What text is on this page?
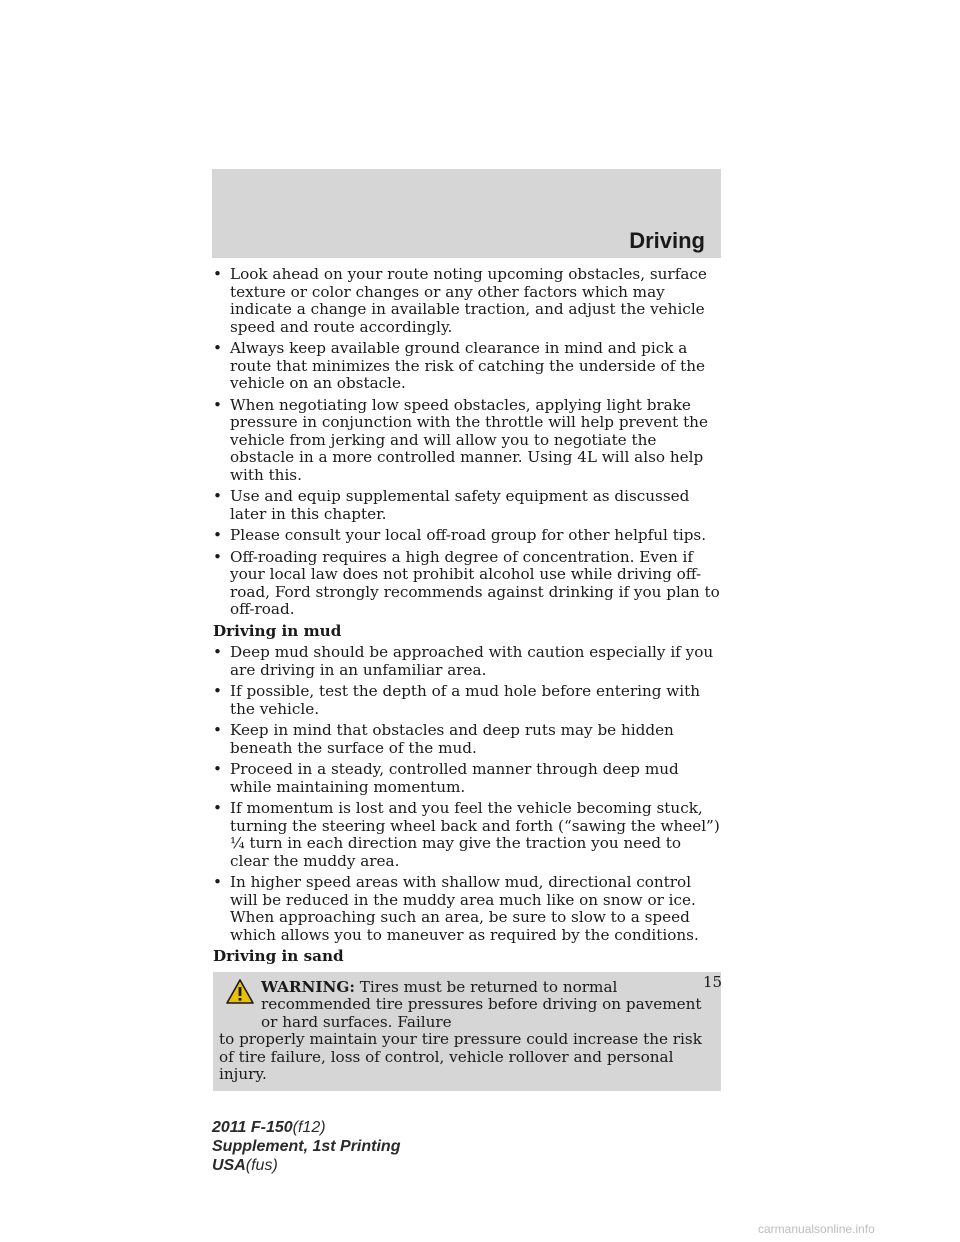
Driving
• Look ahead on your route noting upcoming obstacles, surface texture or color changes or any other factors which may indicate a change in available traction, and adjust the vehicle speed and route accordingly.
• Always keep available ground clearance in mind and pick a route that minimizes the risk of catching the underside of the vehicle on an obstacle.
• When negotiating low speed obstacles, applying light brake pressure in conjunction with the throttle will help prevent the vehicle from jerking and will allow you to negotiate the obstacle in a more controlled manner. Using 4L will also help with this.
• Use and equip supplemental safety equipment as discussed later in this chapter.
• Please consult your local off-road group for other helpful tips.
• Off-roading requires a high degree of concentration. Even if your local law does not prohibit alcohol use while driving off-road, Ford strongly recommends against drinking if you plan to off-road.
Driving in mud
• Deep mud should be approached with caution especially if you are driving in an unfamiliar area.
• If possible, test the depth of a mud hole before entering with the vehicle.
• Keep in mind that obstacles and deep ruts may be hidden beneath the surface of the mud.
• Proceed in a steady, controlled manner through deep mud while maintaining momentum.
• If momentum is lost and you feel the vehicle becoming stuck, turning the steering wheel back and forth (“sawing the wheel”) ¼ turn in each direction may give the traction you need to clear the muddy area.
• In higher speed areas with shallow mud, directional control will be reduced in the muddy area much like on snow or ice. When approaching such an area, be sure to slow to a speed which allows you to maneuver as required by the conditions.
Driving in sand
WARNING: Tires must be returned to normal recommended tire pressures before driving on pavement or hard surfaces. Failure
to properly maintain your tire pressure could increase the risk of tire failure, loss of control, vehicle rollover and personal injury.
15
2011 F-150(f12)
Supplement, 1st Printing
USA(fus)
carmanualsonline.info
